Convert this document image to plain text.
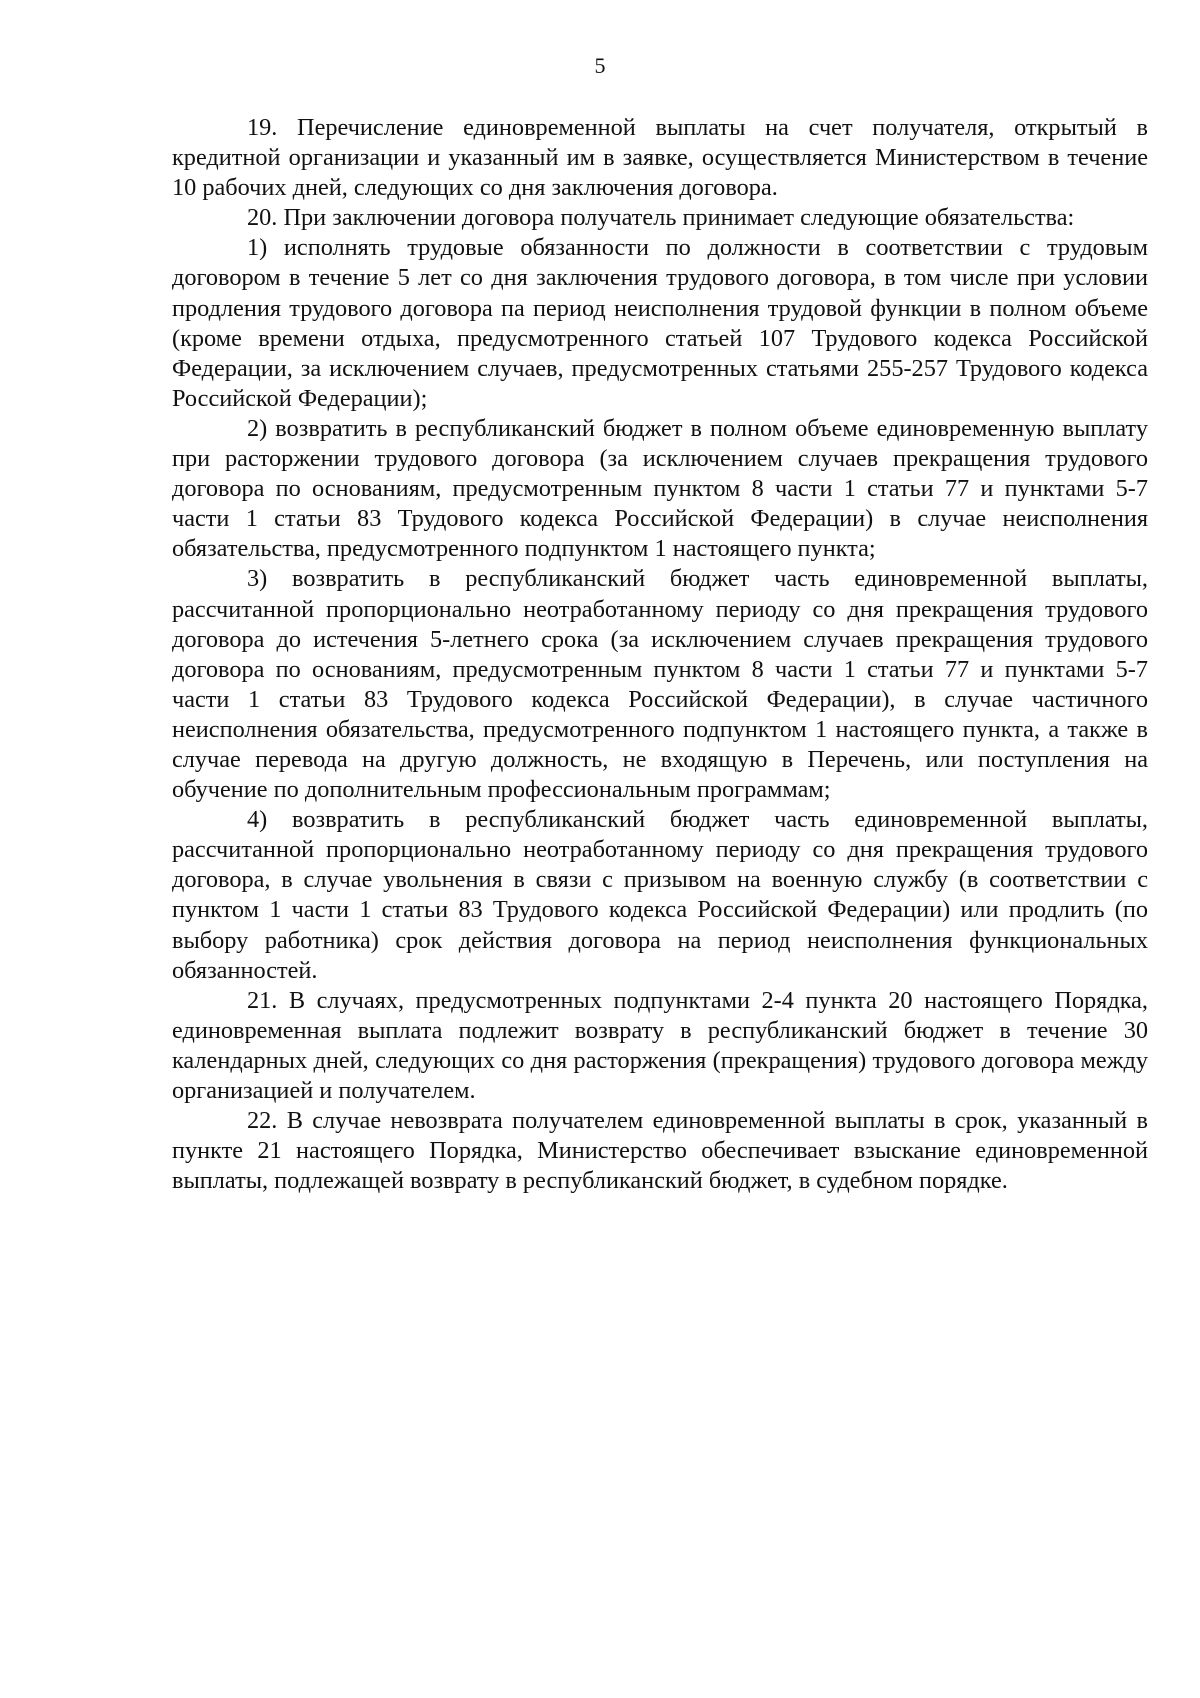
5

19. Перечисление единовременной выплаты на счет получателя, открытый в кредитной организации и указанный им в заявке, осуществляется Министерством в течение 10 рабочих дней, следующих со дня заключения договора.

20. При заключении договора получатель принимает следующие обязательства:

1) исполнять трудовые обязанности по должности в соответствии с трудовым договором в течение 5 лет со дня заключения трудового договора, в том числе при условии продления трудового договора па период неисполнения трудовой функции в полном объеме (кроме времени отдыха, предусмотренного статьей 107 Трудового кодекса Российской Федерации, за исключением случаев, предусмотренных статьями 255-257 Трудового кодекса Российской Федерации);

2) возвратить в республиканский бюджет в полном объеме единовременную выплату при расторжении трудового договора (за исключением случаев прекращения трудового договора по основаниям, предусмотренным пунктом 8 части 1 статьи 77 и пунктами 5-7 части 1 статьи 83 Трудового кодекса Российской Федерации) в случае неисполнения обязательства, предусмотренного подпунктом 1 настоящего пункта;

3) возвратить в республиканский бюджет часть единовременной выплаты, рассчитанной пропорционально неотработанному периоду со дня прекращения трудового договора до истечения 5-летнего срока (за исключением случаев прекращения трудового договора по основаниям, предусмотренным пунктом 8 части 1 статьи 77 и пунктами 5-7 части 1 статьи 83 Трудового кодекса Российской Федерации), в случае частичного неисполнения обязательства, предусмотренного подпунктом 1 настоящего пункта, а также в случае перевода на другую должность, не входящую в Перечень, или поступления на обучение по дополнительным профессиональным программам;

4) возвратить в республиканский бюджет часть единовременной выплаты, рассчитанной пропорционально неотработанному периоду со дня прекращения трудового договора, в случае увольнения в связи с призывом на военную службу (в соответствии с пунктом 1 части 1 статьи 83 Трудового кодекса Российской Федерации) или продлить (по выбору работника) срок действия договора на период неисполнения функциональных обязанностей.

21. В случаях, предусмотренных подпунктами 2-4 пункта 20 настоящего Порядка, единовременная выплата подлежит возврату в республиканский бюджет в течение 30 календарных дней, следующих со дня расторжения (прекращения) трудового договора между организацией и получателем.

22. В случае невозврата получателем единовременной выплаты в срок, указанный в пункте 21 настоящего Порядка, Министерство обеспечивает взыскание единовременной выплаты, подлежащей возврату в республиканский бюджет, в судебном порядке.
